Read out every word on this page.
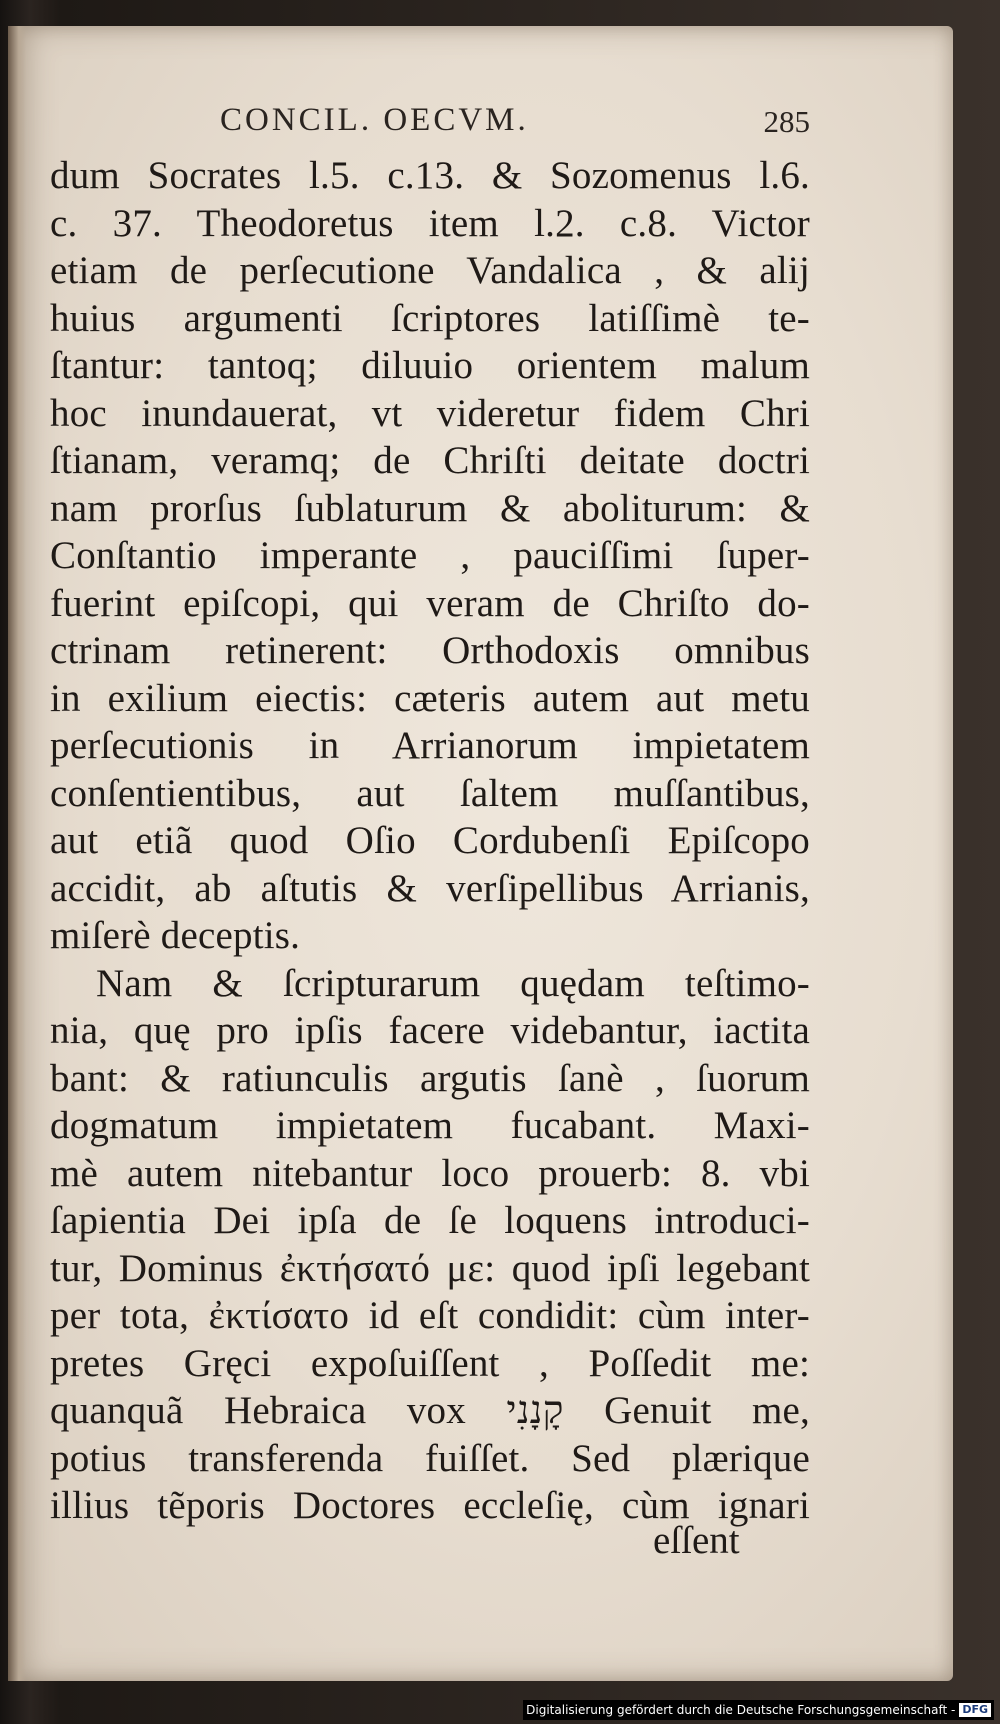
CONCIL. OECVM.	285
dum Socrates l.5. c.13. & Sozomenus l.6.
c. 37. Theodoretus item l.2. c.8. Victor
etiam de perſecutione Vandalica , & alij
huius argumenti ſcriptores latiſſimè te-
ſtantur: tantoq; diluuio orientem malum
hoc inundauerat, vt videretur fidem Chri
ſtianam, veramq; de Chriſti deitate doctri
nam prorſus ſublaturum & aboliturum: &
Conſtantio imperante , pauciſſimi ſuper-
fuerint epiſcopi, qui veram de Chriſto do-
ctrinam retinerent: Orthodoxis omnibus
in exilium eiectis: cæteris autem aut metu
perſecutionis in Arrianorum impietatem
conſentientibus, aut ſaltem muſſantibus,
aut etiã quod Oſio Cordubenſi Epiſcopo
accidit, ab aſtutis & verſipellibus Arrianis,
miſerè deceptis.
Nam & ſcripturarum quędam teſtimo-
nia, quę pro ipſis facere videbantur, iactita
bant: & ratiunculis argutis ſanè , ſuorum
dogmatum impietatem fucabant. Maxi-
mè autem nitebantur loco prouerb: 8. vbi
ſapientia Dei ipſa de ſe loquens introduci-
tur, Dominus ἐκτήσατό με: quod ipſi legebant
per tota, ἐκτίσατο id eſt condidit: cùm inter-
pretes Gręci expoſuiſſent , Poſſedit me:
quanquã Hebraica vox קָנָנִי Genuit me,
potius transferenda fuiſſet. Sed plærique
illius tẽporis Doctores eccleſię, cùm ignari
eſſent
Digitalisierung gefördert durch die Deutsche Forschungsgemeinschaft - DFG
